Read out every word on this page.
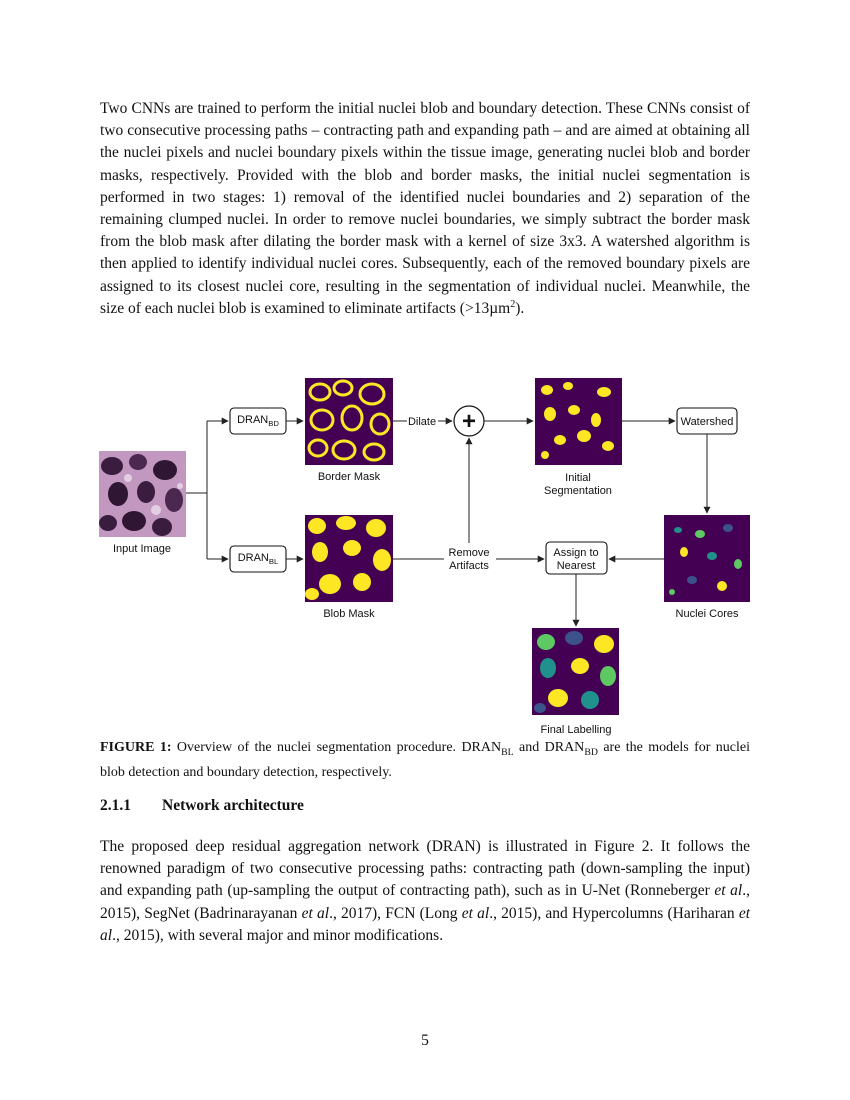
Two CNNs are trained to perform the initial nuclei blob and boundary detection. These CNNs consist of two consecutive processing paths – contracting path and expanding path – and are aimed at obtaining all the nuclei pixels and nuclei boundary pixels within the tissue image, generating nuclei blob and border masks, respectively. Provided with the blob and border masks, the initial nuclei segmentation is performed in two stages: 1) removal of the identified nuclei boundaries and 2) separation of the remaining clumped nuclei. In order to remove nuclei boundaries, we simply subtract the border mask from the blob mask after dilating the border mask with a kernel of size 3x3. A watershed algorithm is then applied to identify individual nuclei cores. Subsequently, each of the removed boundary pixels are assigned to its closest nuclei core, resulting in the segmentation of individual nuclei. Meanwhile, the size of each nuclei blob is examined to eliminate artifacts (>13µm$^2$).

Input Image
Border Mask
Blob Mask
Dilate +
Remove
Artifacts
Initial
Segmentation
Watershed
Nuclei Cores
Assign to
Nearest
Final Labelling
$DRAN_{BD}$
$DRAN_{BL}$

FIGURE 1: Overview of the nuclei segmentation procedure. $DRAN_{BL}$ and $DRAN_{BD}$ are the models for nuclei blob detection and boundary detection, respectively.

2.1.1 Network architecture

The proposed deep residual aggregation network (DRAN) is illustrated in Figure 2. It follows the renowned paradigm of two consecutive processing paths: contracting path (down-sampling the input) and expanding path (up-sampling the output of contracting path), such as in U-Net (Ronneberger et al., 2015), SegNet (Badrinarayanan et al., 2017), FCN (Long et al., 2015), and Hypercolumns (Hariharan et al., 2015), with several major and minor modifications.

5
